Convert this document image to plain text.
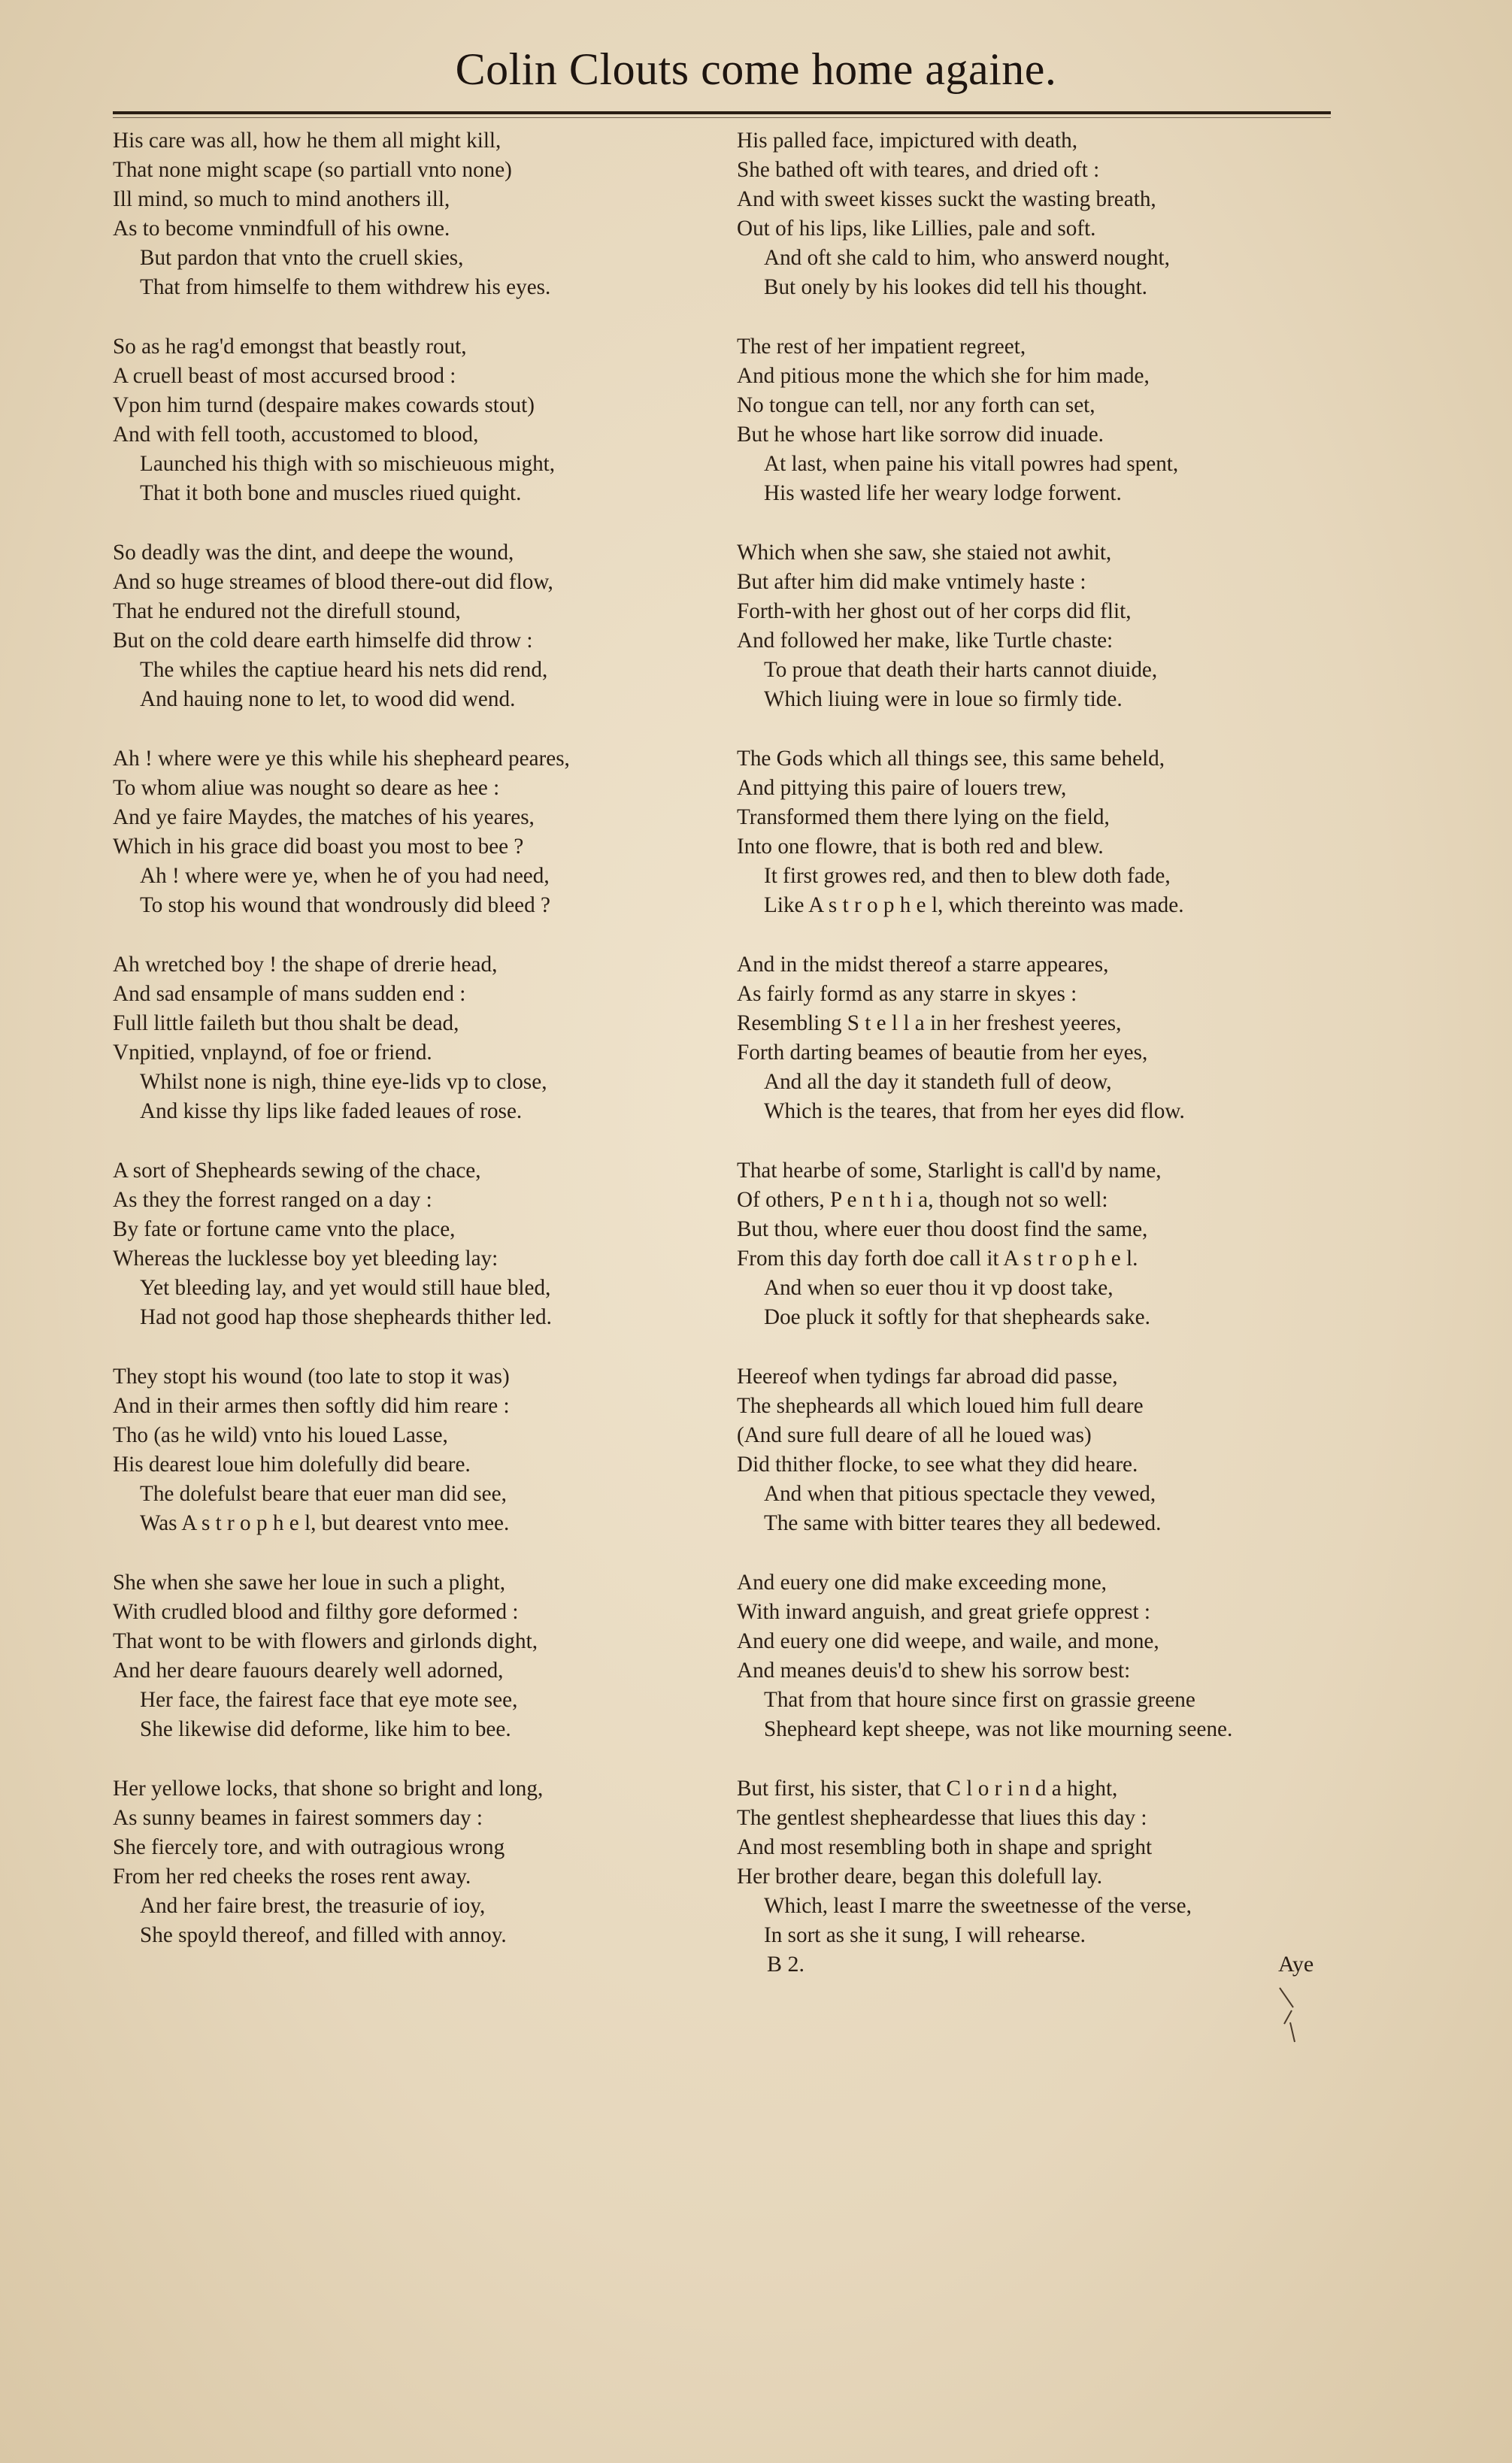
Colin Clouts come home againe.
His care was all, how he them all might kill,
That none might scape (so partiall vnto none)
Ill mind, so much to mind anothers ill,
As to become vnmindfull of his owne.
But pardon that vnto the cruell skies,
That from himselfe to them withdrew his eyes.
So as he rag'd emongst that beastly rout,
A cruell beast of most accursed brood :
Vpon him turnd (despaire makes cowards stout)
And with fell tooth, accustomed to blood,
Launched his thigh with so mischieuous might,
That it both bone and muscles riued quight.
So deadly was the dint, and deepe the wound,
And so huge streames of blood there-out did flow,
That he endured not the direfull stound,
But on the cold deare earth himselfe did throw :
The whiles the captiue heard his nets did rend,
And hauing none to let, to wood did wend.
Ah ! where were ye this while his shepheard peares,
To whom aliue was nought so deare as hee :
And ye faire Maydes, the matches of his yeares,
Which in his grace did boast you most to bee ?
Ah ! where were ye, when he of you had need,
To stop his wound that wondrously did bleed ?
Ah wretched boy ! the shape of drerie head,
And sad ensample of mans sudden end :
Full little faileth but thou shalt be dead,
Vnpitied, vnplaynd, of foe or friend.
Whilst none is nigh, thine eye-lids vp to close,
And kisse thy lips like faded leaues of rose.
A sort of Shepheards sewing of the chace,
As they the forrest ranged on a day :
By fate or fortune came vnto the place,
Whereas the lucklesse boy yet bleeding lay:
Yet bleeding lay, and yet would still haue bled,
Had not good hap those shepheards thither led.
They stopt his wound (too late to stop it was)
And in their armes then softly did him reare :
Tho (as he wild) vnto his loued Lasse,
His dearest loue him dolefully did beare.
The dolefulst beare that euer man did see,
Was A s t r o p h e l, but dearest vnto mee.
She when she sawe her loue in such a plight,
With crudled blood and filthy gore deformed :
That wont to be with flowers and girlonds dight,
And her deare fauours dearely well adorned,
Her face, the fairest face that eye mote see,
She likewise did deforme, like him to bee.
Her yellowe locks, that shone so bright and long,
As sunny beames in fairest sommers day :
She fiercely tore, and with outragious wrong
From her red cheeks the roses rent away.
And her faire brest, the treasurie of ioy,
She spoyld thereof, and filled with annoy.
His palled face, impictured with death,
She bathed oft with teares, and dried oft :
And with sweet kisses suckt the wasting breath,
Out of his lips, like Lillies, pale and soft.
And oft she cald to him, who answerd nought,
But onely by his lookes did tell his thought.
The rest of her impatient regreet,
And pitious mone the which she for him made,
No tongue can tell, nor any forth can set,
But he whose hart like sorrow did inuade.
At last, when paine his vitall powres had spent,
His wasted life her weary lodge forwent.
Which when she saw, she staied not awhit,
But after him did make vntimely haste :
Forth-with her ghost out of her corps did flit,
And followed her make, like Turtle chaste:
To proue that death their harts cannot diuide,
Which liuing were in loue so firmly tide.
The Gods which all things see, this same beheld,
And pittying this paire of louers trew,
Transformed them there lying on the field,
Into one flowre, that is both red and blew.
It first growes red, and then to blew doth fade,
Like A s t r o p h e l, which thereinto was made.
And in the midst thereof a starre appeares,
As fairly formd as any starre in skyes :
Resembling S t e l l a in her freshest yeeres,
Forth darting beames of beautie from her eyes,
And all the day it standeth full of deow,
Which is the teares, that from her eyes did flow.
That hearbe of some, Starlight is call'd by name,
Of others, P e n t h i a, though not so well:
But thou, where euer thou doost find the same,
From this day forth doe call it A s t r o p h e l.
And when so euer thou it vp doost take,
Doe pluck it softly for that shepheards sake.
Heereof when tydings far abroad did passe,
The shepheards all which loued him full deare
(And sure full deare of all he loued was)
Did thither flocke, to see what they did heare.
And when that pitious spectacle they vewed,
The same with bitter teares they all bedewed.
And euery one did make exceeding mone,
With inward anguish, and great griefe opprest :
And euery one did weepe, and waile, and mone,
And meanes deuis'd to shew his sorrow best:
That from that houre since first on grassie greene
Shepheard kept sheepe, was not like mourning seene.
But first, his sister, that C l o r i n d a hight,
The gentlest shepheardesse that liues this day :
And most resembling both in shape and spright
Her brother deare, began this dolefull lay.
Which, least I marre the sweetnesse of the verse,
In sort as she it sung, I will rehearse.
B 2.	Aye
